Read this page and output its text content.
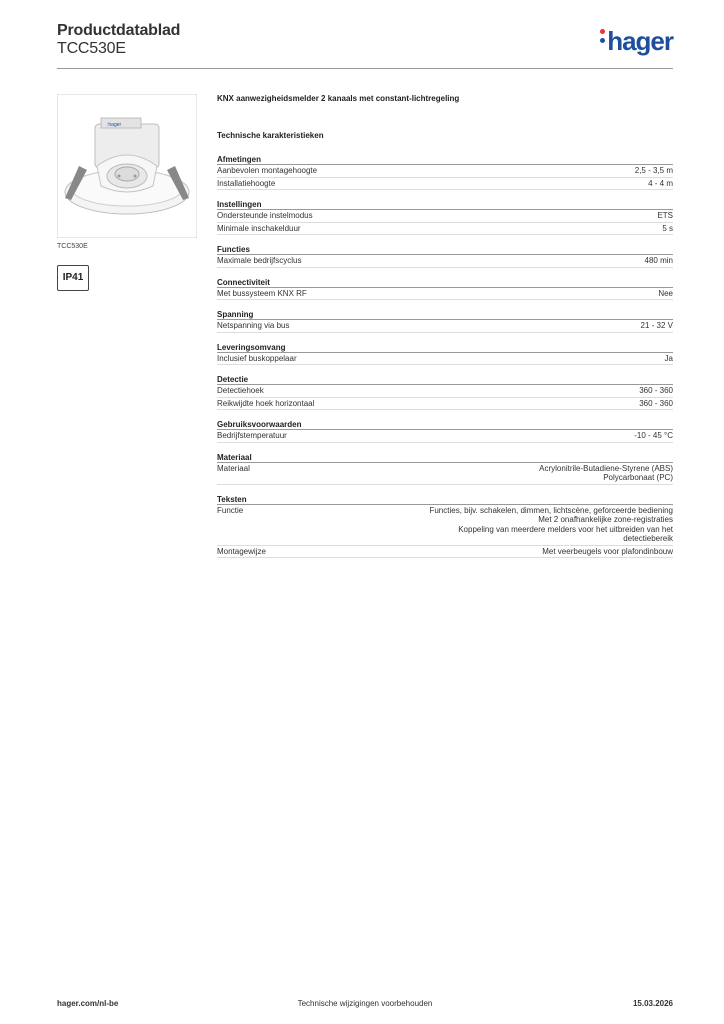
Productdatablad
TCC530E	hager
:hager
TCC530E
IP41
KNX aanwezigheidsmelder 2 kanaals met constant-lichtregeling
Technische karakteristieken
Afmetingen
Aanbevolen montagehoogte	2,5 - 3,5 m
Installatiehoogte	4 - 4 m
Instellingen
Ondersteunde instelmodus	ETS
Minimale inschakelduur	5 s
Functies
Maximale bedrijfscyclus	480 min
Connectiviteit
Met bussysteem KNX RF	Nee
Spanning
Netspanning via bus	21 - 32 V
Leveringsomvang
Inclusief buskoppelaar	Ja
Detectie
Detectiehoek	360 - 360
Reikwijdte hoek horizontaal	360 - 360
Gebruiksvoorwaarden
Bedrijfstemperatuur	-10 - 45 °C
Materiaal
Materiaal	Acrylonitrile-Butadiene-Styrene (ABS)
Polycarbonaat (PC)
Teksten
Functie	Functies, bijv. schakelen, dimmen, lichtscène, geforceerde bediening
Met 2 onafhankelijke zone-registraties
Koppeling van meerdere melders voor het uitbreiden van het
detectiebereik
Montagewijze	Met veerbeugels voor plafondinbouw
hager.com/nl-be	Technische wijzigingen voorbehouden	15.03.2026
